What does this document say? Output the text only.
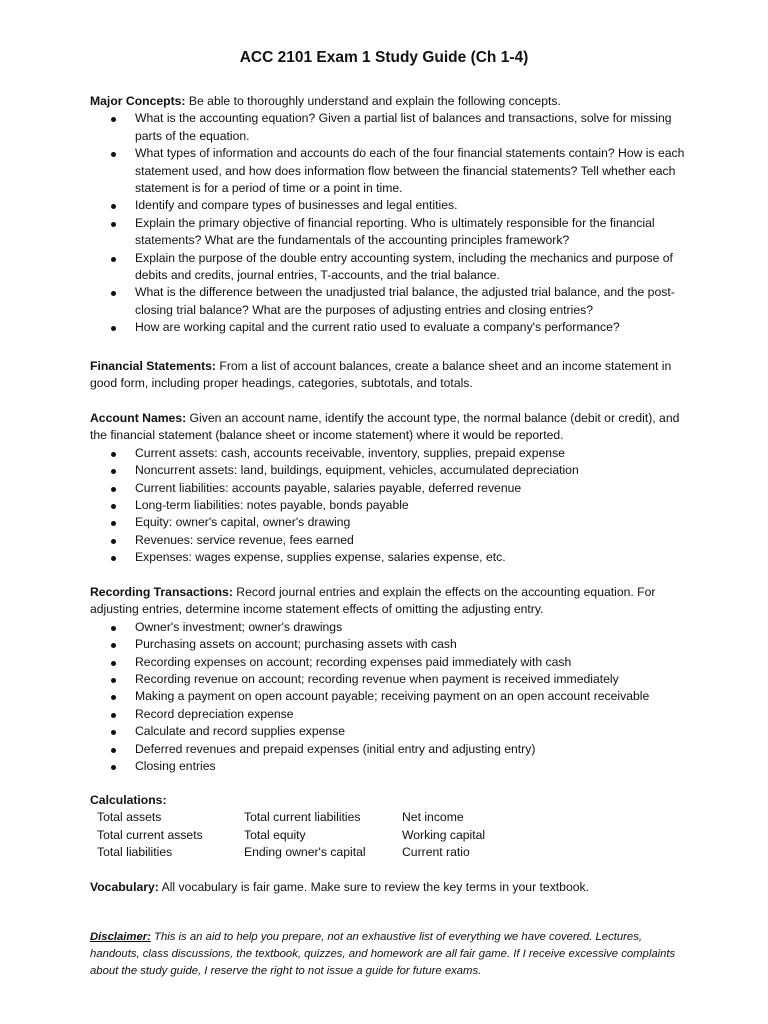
ACC 2101 Exam 1 Study Guide (Ch 1-4)
Major Concepts: Be able to thoroughly understand and explain the following concepts.
What is the accounting equation? Given a partial list of balances and transactions, solve for missing parts of the equation.
What types of information and accounts do each of the four financial statements contain? How is each statement used, and how does information flow between the financial statements? Tell whether each statement is for a period of time or a point in time.
Identify and compare types of businesses and legal entities.
Explain the primary objective of financial reporting. Who is ultimately responsible for the financial statements? What are the fundamentals of the accounting principles framework?
Explain the purpose of the double entry accounting system, including the mechanics and purpose of debits and credits, journal entries, T-accounts, and the trial balance.
What is the difference between the unadjusted trial balance, the adjusted trial balance, and the post-closing trial balance? What are the purposes of adjusting entries and closing entries?
How are working capital and the current ratio used to evaluate a company's performance?
Financial Statements: From a list of account balances, create a balance sheet and an income statement in good form, including proper headings, categories, subtotals, and totals.
Account Names: Given an account name, identify the account type, the normal balance (debit or credit), and the financial statement (balance sheet or income statement) where it would be reported.
Current assets: cash, accounts receivable, inventory, supplies, prepaid expense
Noncurrent assets: land, buildings, equipment, vehicles, accumulated depreciation
Current liabilities: accounts payable, salaries payable, deferred revenue
Long-term liabilities: notes payable, bonds payable
Equity: owner's capital, owner's drawing
Revenues: service revenue, fees earned
Expenses: wages expense, supplies expense, salaries expense, etc.
Recording Transactions: Record journal entries and explain the effects on the accounting equation. For adjusting entries, determine income statement effects of omitting the adjusting entry.
Owner's investment; owner's drawings
Purchasing assets on account; purchasing assets with cash
Recording expenses on account; recording expenses paid immediately with cash
Recording revenue on account; recording revenue when payment is received immediately
Making a payment on open account payable; receiving payment on an open account receivable
Record depreciation expense
Calculate and record supplies expense
Deferred revenues and prepaid expenses (initial entry and adjusting entry)
Closing entries
Calculations:
Total assets	Total current liabilities	Net income
Total current assets	Total equity	Working capital
Total liabilities	Ending owner's capital	Current ratio
Vocabulary: All vocabulary is fair game. Make sure to review the key terms in your textbook.
Disclaimer: This is an aid to help you prepare, not an exhaustive list of everything we have covered. Lectures, handouts, class discussions, the textbook, quizzes, and homework are all fair game. If I receive excessive complaints about the study guide, I reserve the right to not issue a guide for future exams.
